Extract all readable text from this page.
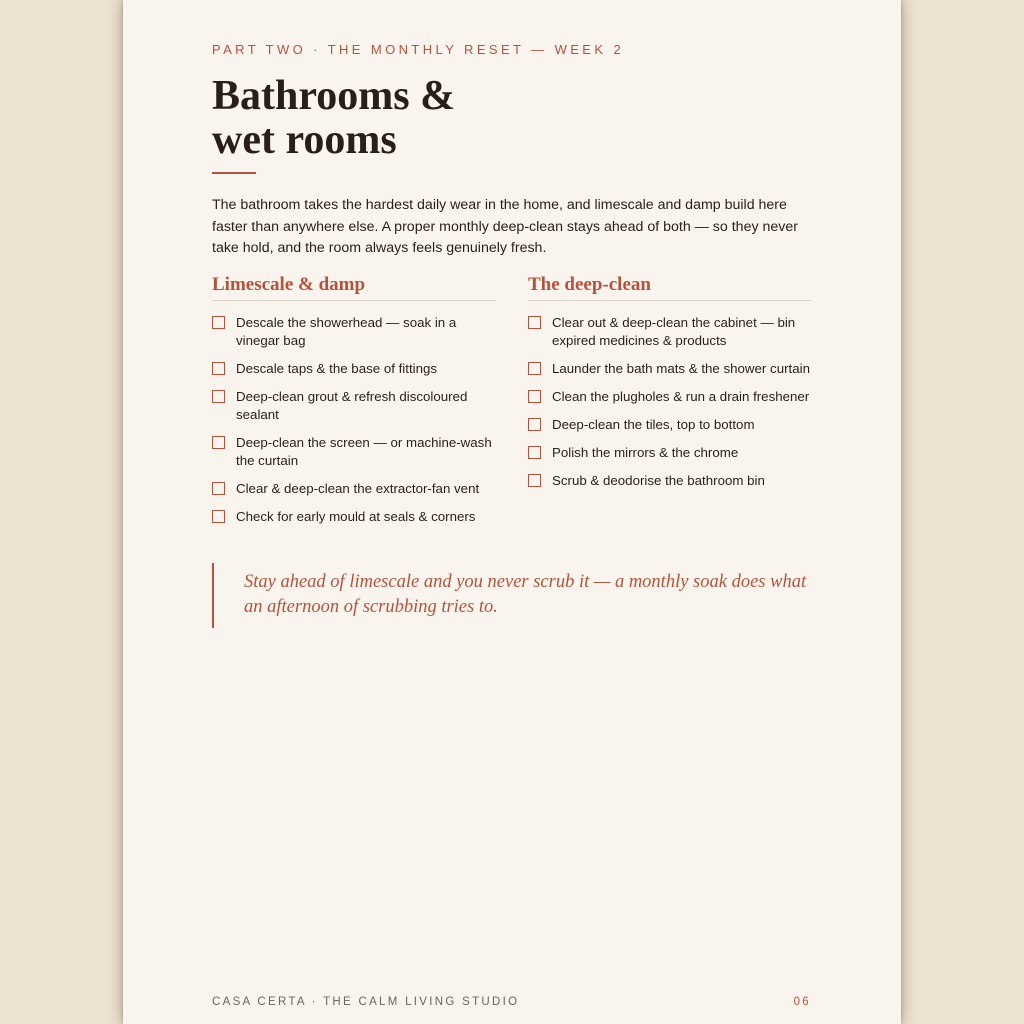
PART TWO · THE MONTHLY RESET — WEEK 2
Bathrooms &
wet rooms

The bathroom takes the hardest daily wear in the home, and limescale and damp build here faster than anywhere else. A proper monthly deep-clean stays ahead of both — so they never take hold, and the room always feels genuinely fresh.

Limescale & damp
Descale the showerhead — soak in a vinegar bag
Descale taps & the base of fittings
Deep-clean grout & refresh discoloured sealant
Deep-clean the screen — or machine-wash the curtain
Clear & deep-clean the extractor-fan vent
Check for early mould at seals & corners
The deep-clean
Clear out & deep-clean the cabinet — bin expired medicines & products
Launder the bath mats & the shower curtain
Clean the plugholes & run a drain freshener
Deep-clean the tiles, top to bottom
Polish the mirrors & the chrome
Scrub & deodorise the bathroom bin

Stay ahead of limescale and you never scrub it — a monthly soak does what an afternoon of scrubbing tries to.

CASA CERTA · THE CALM LIVING STUDIO	06
